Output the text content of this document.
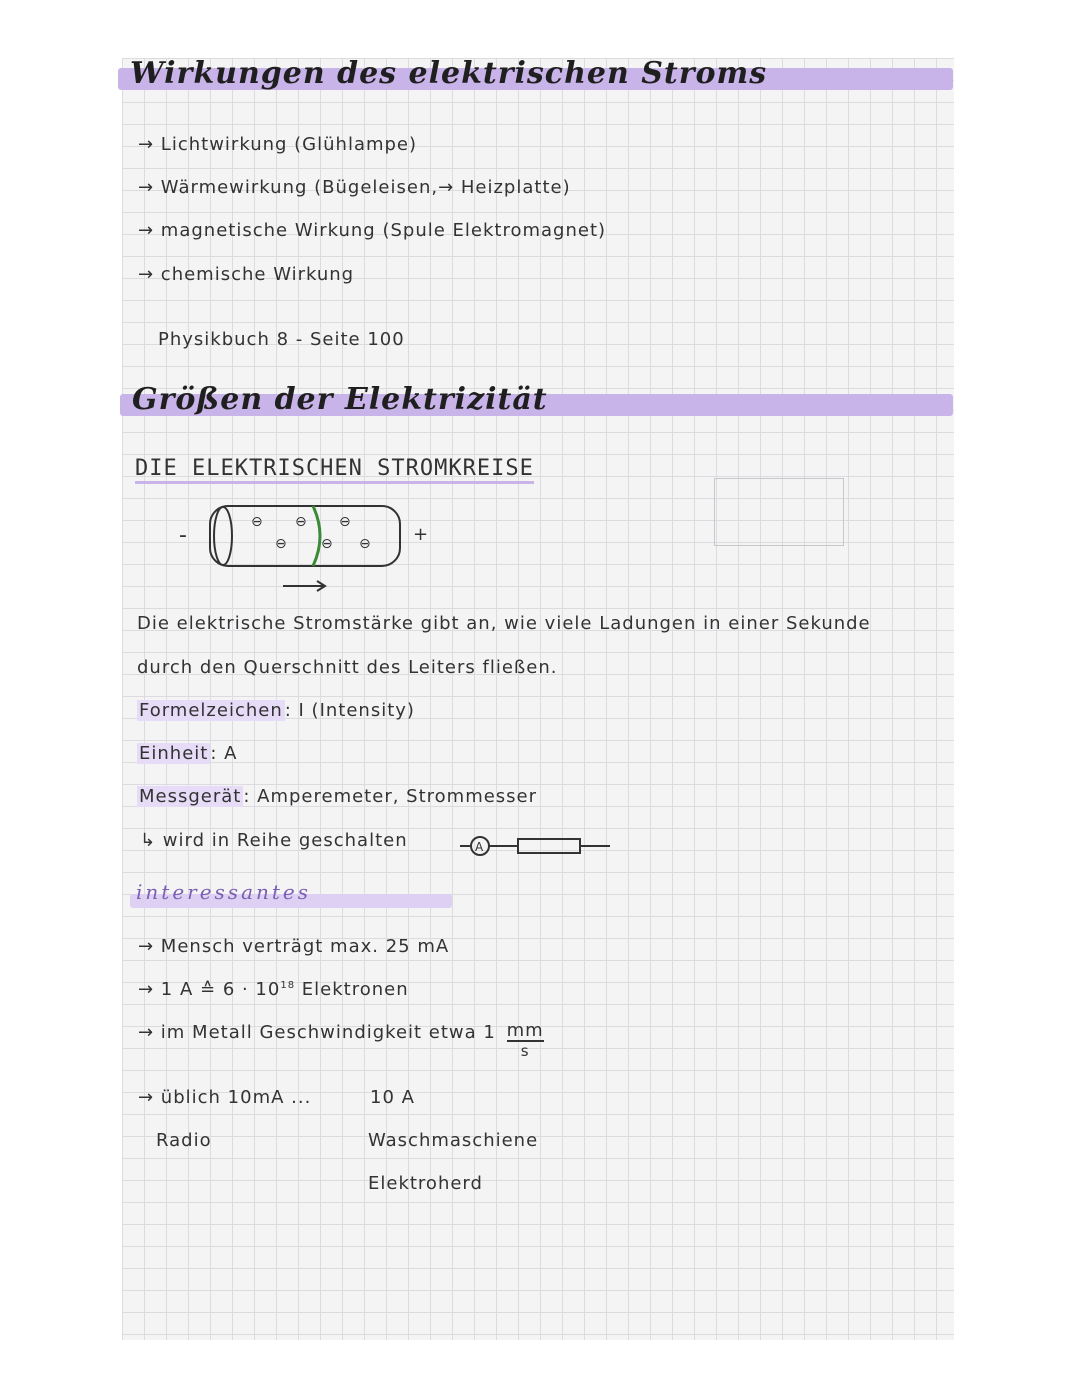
Wirkungen des elektrischen Stroms
→ Lichtwirkung (Glühlampe)
→ Wärmewirkung (Bügeleisen,→ Heizplatte)
→ magnetische Wirkung (Spule Elektromagnet)
→ chemische Wirkung
Physikbuch 8 - Seite 100
Größen der Elektrizität
DIE ELEKTRISCHEN STROMKREISE
-
⊖ ⊖ ⊖
⊖ ⊖ ⊖ +
Die elektrische Stromstärke gibt an, wie viele Ladungen in einer Sekunde
durch den Querschnitt des Leiters fließen.
Formelzeichen : I (Intensity)
Einheit : A
Messgerät : Amperemeter, Strommesser
↳ wird in Reihe geschalten	A
interessantes
→ Mensch verträgt max. 25 mA
→ 1 A ≙ $6 \cdot 10^{18}$ Elektronen
→ im Metall Geschwindigkeit etwa 1 mm
s
→ üblich 10mA ...	10 A
Radio	Waschmaschiene
Elektroherd
